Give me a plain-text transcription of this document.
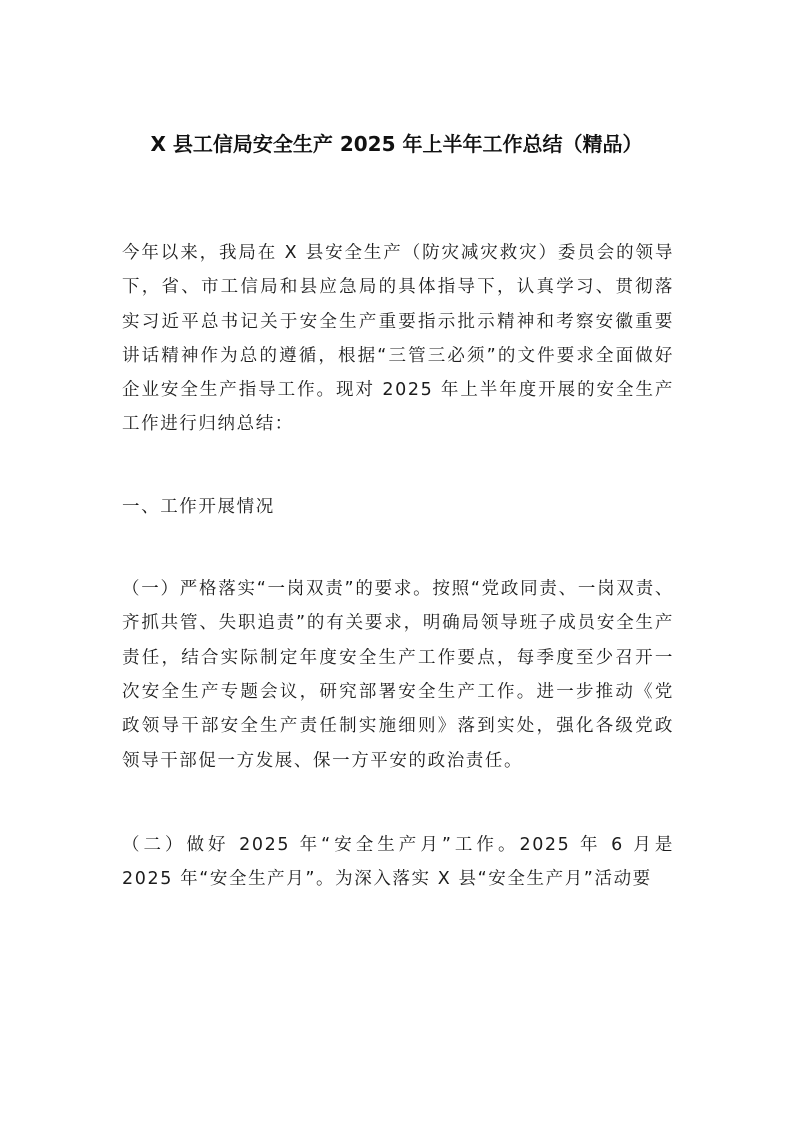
X 县工信局安全生产 2025 年上半年工作总结（精品）

今年以来，我局在 X 县安全生产（防灾减灾救灾）委员会的领导下，省、市工信局和县应急局的具体指导下，认真学习、贯彻落实习近平总书记关于安全生产重要指示批示精神和考察安徽重要讲话精神作为总的遵循，根据“三管三必须”的文件要求全面做好企业安全生产指导工作。现对 2025 年上半年度开展的安全生产工作进行归纳总结：

一、工作开展情况

（一）严格落实“一岗双责”的要求。按照“党政同责、一岗双责、齐抓共管、失职追责”的有关要求，明确局领导班子成员安全生产责任，结合实际制定年度安全生产工作要点，每季度至少召开一次安全生产专题会议，研究部署安全生产工作。进一步推动《党政领导干部安全生产责任制实施细则》落到实处，强化各级党政领导干部促一方发展、保一方平安的政治责任。

（二）做好 2025 年“安全生产月”工作。2025 年 6 月是 2025 年“安全生产月”。为深入落实 X 县“安全生产月”活动要
